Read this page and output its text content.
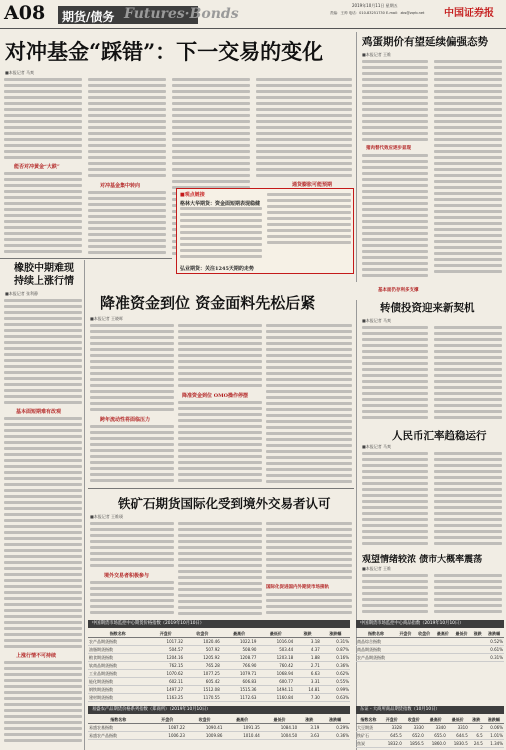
A08 期货/债务 Futures·Bonds
2019年10月11日 星期五
责编：王帅 电话：010-83251730 E-mail：zbs@zqrb.net 中国证券报
对冲基金“踩错”：下一交易的变化
■本报记者 马爽
能否对冲黄金“大跌”
对冲基金集中转向	通货膨胀可能预期
■观点链接
格林大华期货：资金面短期表现稳健
弘业期货：关注1245天期的走势
鸡蛋期价有望延续偏强态势
■本报记者 王维
猪肉替代效应逐步显现
基本面仍存利多支撑
橡胶中期难现
持续上涨行情
■本报记者 张利静
基本面短期难有改观
上涨行情不可持续
降准资金到位 资金面料先松后紧
■本报记者 王晓晖
跨年流动性将面临压力
降准资金到位 OMO操作停摆
转债投资迎来新契机
■本报记者 马爽
人民币汇率趋稳运行
■本报记者 马爽
观望情绪较浓 债市大概率震荡
■本报记者 王维
铁矿石期货国际化受到境外交易者认可
■本报记者 王维瑛
境外交易者积极参与
国际化促进国内外期货市场接轨
中国期货市场监控中心期货价格指数（2019年10月10日）	中国期货市场监控中心商品指数（2019年10月10日）
指数名称	开盘价	收盘价	最高价	最低价	涨跌	涨跌幅
农产品期货指数	1017.32	1020.46	1022.19	1016.04	3.18	0.31%
油脂期货指数	504.57	507.92	508.90	503.44	4.37	0.87%
粮食期货指数	1204.16	1205.92	1208.77	1203.18	1.88	0.16%
软商品期货指数	762.15	765.28	766.90	760.42	2.71	0.36%
工业品期货指数	1070.62	1077.25	1079.71	1068.94	6.63	0.62%
能化期货指数	602.11	605.42	606.83	600.77	3.31	0.55%
钢铁期货指数	1497.27	1512.08	1515.36	1494.11	14.81	0.99%
建材期货指数	1163.25	1170.55	1172.63	1160.84	7.30	0.63%
指数名称	开盘价	收盘价	最高价	最低价	涨跌	涨跌幅
商品综合指数						0.52%
商品期货指数						0.61%
农产品期货指数						0.31%
易盛农产品期货价格系列指数（郑商所）（2019年10月10日）	东证 - 大商所商品期货指数（10月10日）
指数名称	开盘价	收盘价	最高价	最低价	涨跌	涨跌幅
易盛农基指数	1087.22	1090.41	1091.35	1084.10	3.19	0.29%
易盛农产品指数	1006.23	1009.86	1010.44	1004.50	3.63	0.36%
指数名称	开盘价	收盘价	最高价	最低价	涨跌	涨跌幅
大豆期货	3328	3330	3340	3310	2	0.06%
铁矿石	645.5	652.0	655.0	644.5	6.5	1.01%
焦炭	1832.0	1856.5	1860.0	1830.5	24.5	1.34%
